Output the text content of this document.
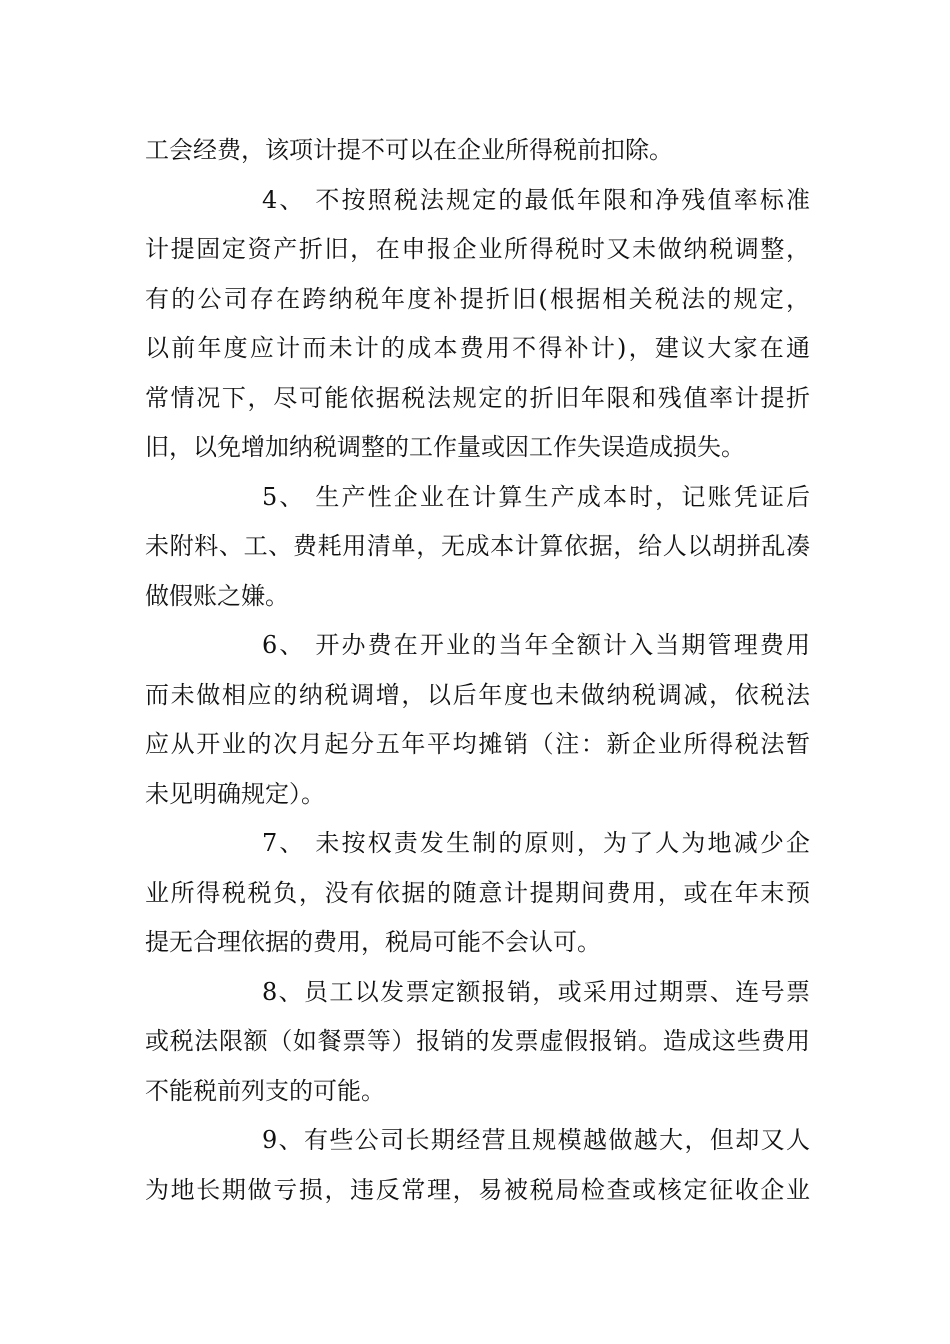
工会经费，该项计提不可以在企业所得税前扣除。
4、 不按照税法规定的最低年限和净残值率标准
计提固定资产折旧，在申报企业所得税时又未做纳税调整，
有的公司存在跨纳税年度补提折旧(根据相关税法的规定，
以前年度应计而未计的成本费用不得补计)，建议大家在通
常情况下，尽可能依据税法规定的折旧年限和残值率计提折
旧，以免增加纳税调整的工作量或因工作失误造成损失。
5、 生产性企业在计算生产成本时，记账凭证后
未附料、工、费耗用清单，无成本计算依据，给人以胡拼乱凑
做假账之嫌。
6、 开办费在开业的当年全额计入当期管理费用
而未做相应的纳税调增，以后年度也未做纳税调减，依税法
应从开业的次月起分五年平均摊销（注：新企业所得税法暂
未见明确规定）。
7、 未按权责发生制的原则，为了人为地减少企
业所得税税负，没有依据的随意计提期间费用，或在年末预
提无合理依据的费用，税局可能不会认可。
8、员工以发票定额报销，或采用过期票、连号票
或税法限额（如餐票等）报销的发票虚假报销。造成这些费用
不能税前列支的可能。
9、有些公司长期经营且规模越做越大，但却又人
为地长期做亏损，违反常理，易被税局检查或核定征收企业
